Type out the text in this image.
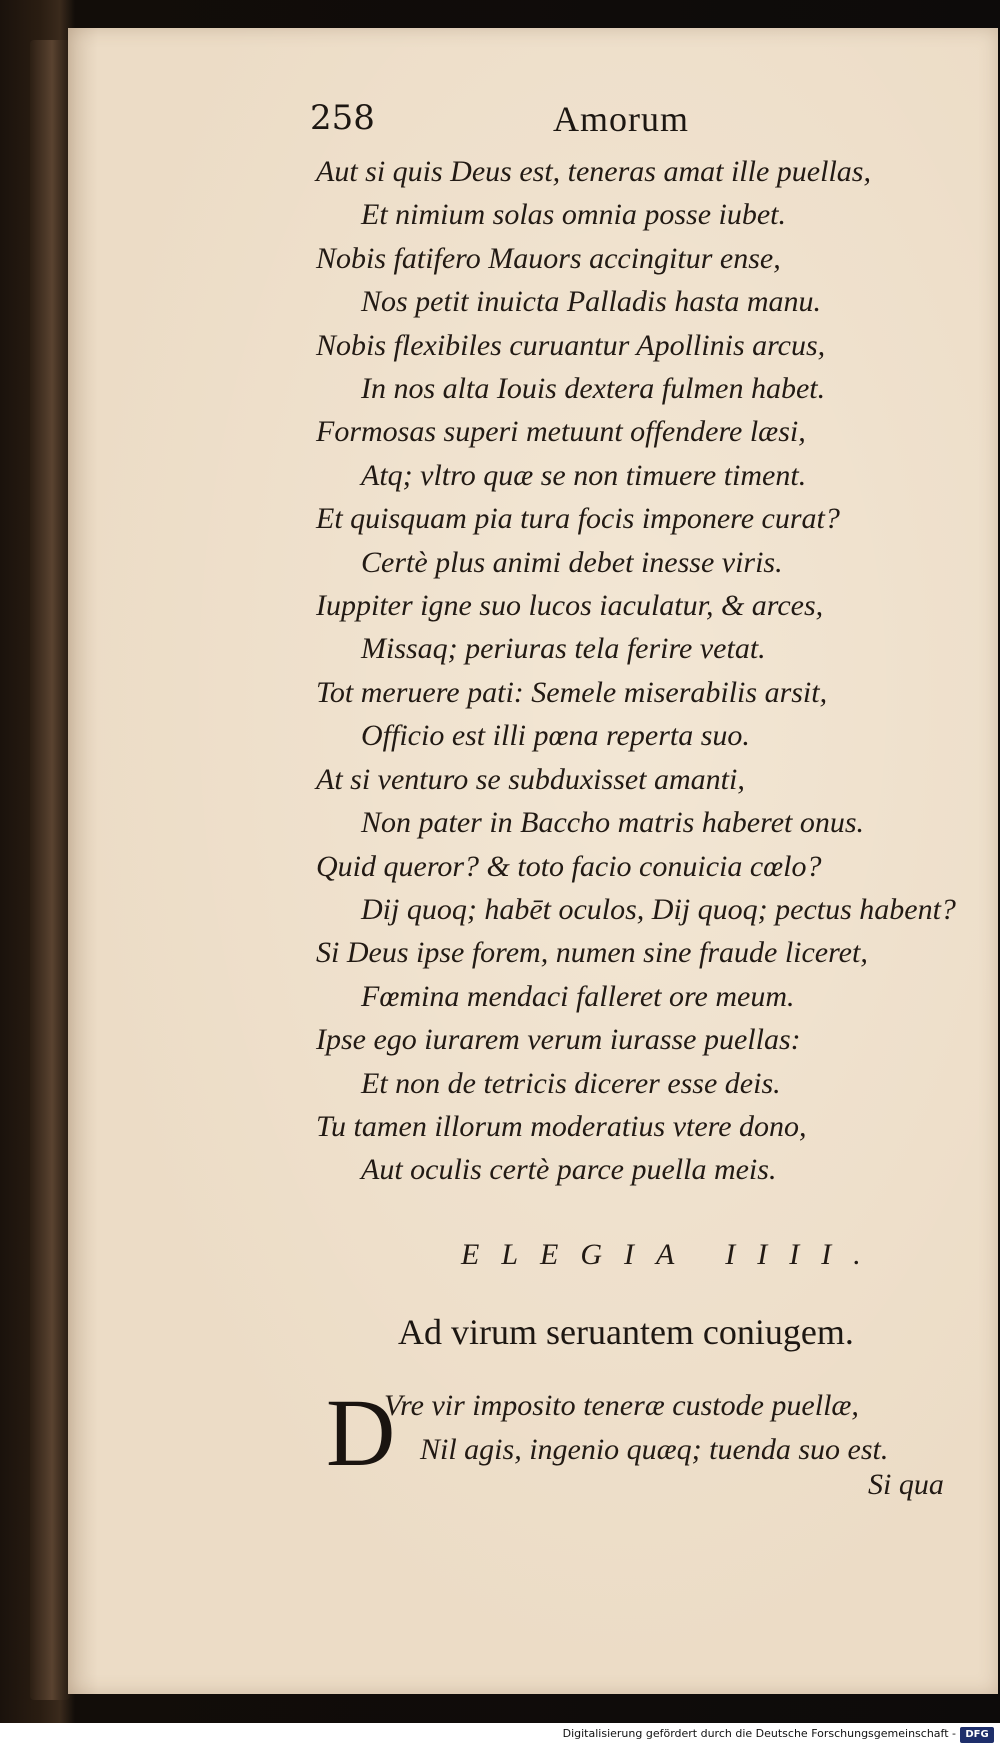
258	Amorum
Aut si quis Deus est, teneras amat ille puellas,
Et nimium solas omnia posse iubet.
Nobis fatifero Mauors accingitur ense,
Nos petit inuicta Palladis hasta manu.
Nobis flexibiles curuantur Apollinis arcus,
In nos alta Iouis dextera fulmen habet.
Formosas superi metuunt offendere læsi,
Atq; vltro quæ se non timuere timent.
Et quisquam pia tura focis imponere curat?
Certè plus animi debet inesse viris.
Iuppiter igne suo lucos iaculatur, & arces,
Missaq; periuras tela ferire vetat.
Tot meruere pati: Semele miserabilis arsit,
Officio est illi pœna reperta suo.
At si venturo se subduxisset amanti,
Non pater in Baccho matris haberet onus.
Quid queror? & toto facio conuicia cœlo?
Dij quoq; habēt oculos, Dij quoq; pectus habent?
Si Deus ipse forem, numen sine fraude liceret,
Fœmina mendaci falleret ore meum.
Ipse ego iurarem verum iurasse puellas:
Et non de tetricis dicerer esse deis.
Tu tamen illorum moderatius vtere dono,
Aut oculis certè parce puella meis.
ELEGIA IIII.
Ad virum seruantem coniugem.
D
Vre vir imposito teneræ custode puellæ,
Nil agis, ingenio quæq; tuenda suo est.
Si qua
Digitalisierung gefördert durch die Deutsche Forschungsgemeinschaft - DFG
